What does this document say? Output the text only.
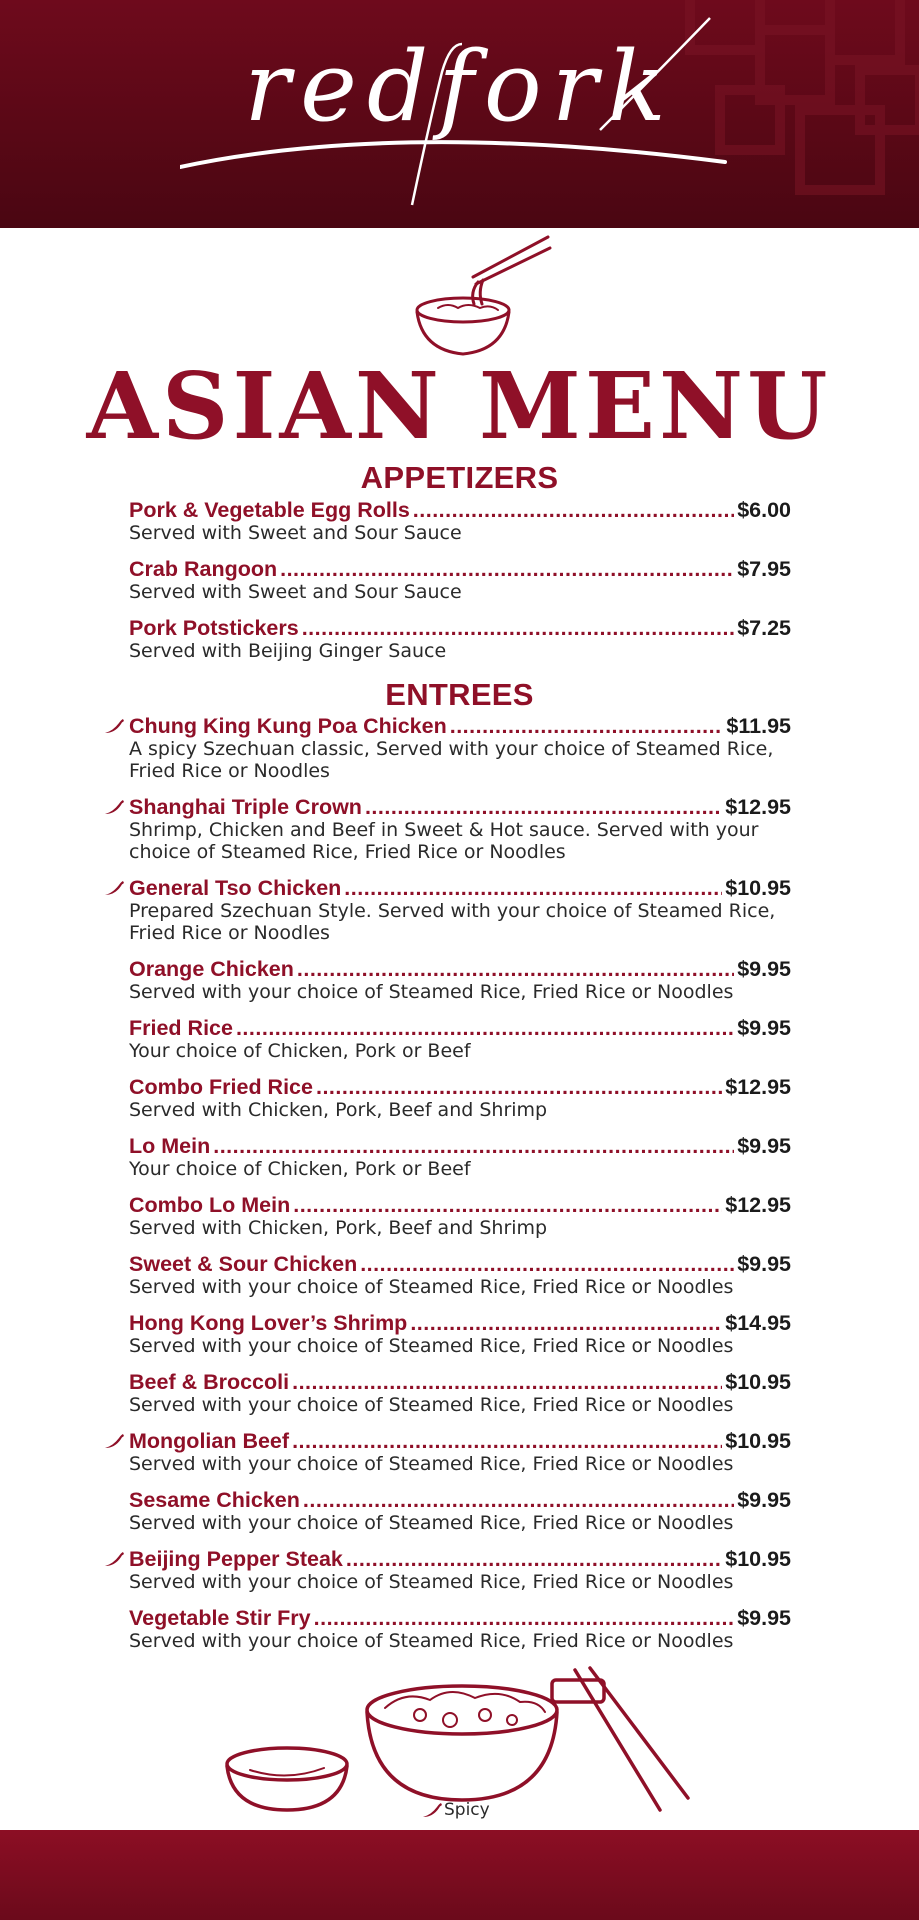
redfork
ASIAN MENU
APPETIZERS
Pork & Vegetable Egg Rolls .....	$6.00
Served with Sweet and Sour Sauce
Crab Rangoon .....	$7.95
Served with Sweet and Sour Sauce
Pork Potstickers .....	$7.25
Served with Beijing Ginger Sauce
ENTREES
Chung King Kung Poa Chicken .....	$11.95
A spicy Szechuan classic, Served with your choice of Steamed Rice, Fried Rice or Noodles
Shanghai Triple Crown .....	$12.95
Shrimp, Chicken and Beef in Sweet & Hot sauce. Served with your choice of Steamed Rice, Fried Rice or Noodles
General Tso Chicken .....	$10.95
Prepared Szechuan Style. Served with your choice of Steamed Rice, Fried Rice or Noodles
Orange Chicken .....	$9.95
Served with your choice of Steamed Rice, Fried Rice or Noodles
Fried Rice .....	$9.95
Your choice of Chicken, Pork or Beef
Combo Fried Rice .....	$12.95
Served with Chicken, Pork, Beef and Shrimp
Lo Mein .....	$9.95
Your choice of Chicken, Pork or Beef
Combo Lo Mein .....	$12.95
Served with Chicken, Pork, Beef and Shrimp
Sweet & Sour Chicken .....	$9.95
Served with your choice of Steamed Rice, Fried Rice or Noodles
Hong Kong Lover’s Shrimp .....	$14.95
Served with your choice of Steamed Rice, Fried Rice or Noodles
Beef & Broccoli .....	$10.95
Served with your choice of Steamed Rice, Fried Rice or Noodles
Mongolian Beef .....	$10.95
Served with your choice of Steamed Rice, Fried Rice or Noodles
Sesame Chicken .....	$9.95
Served with your choice of Steamed Rice, Fried Rice or Noodles
Beijing Pepper Steak .....	$10.95
Served with your choice of Steamed Rice, Fried Rice or Noodles
Vegetable Stir Fry .....	$9.95
Served with your choice of Steamed Rice, Fried Rice or Noodles
Spicy
